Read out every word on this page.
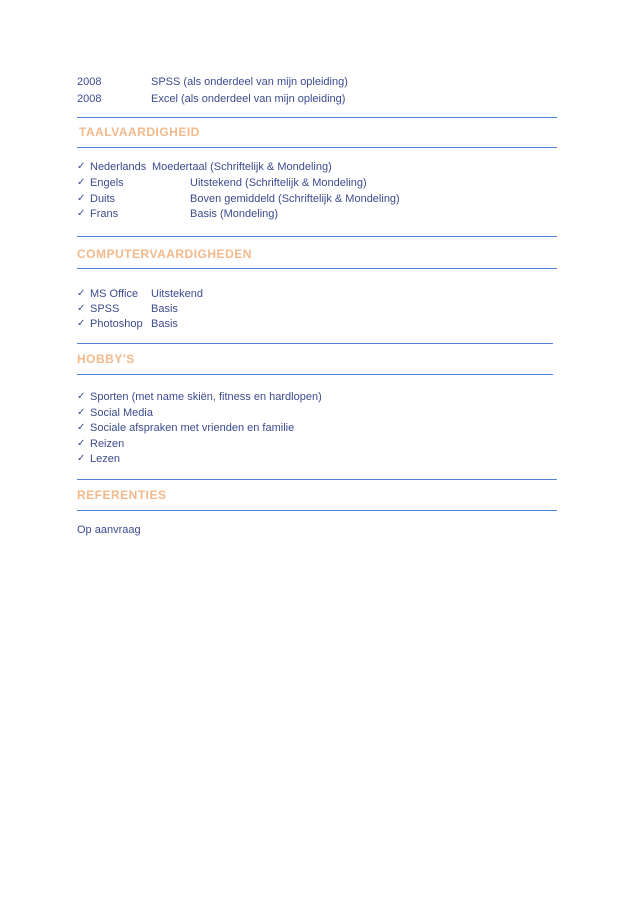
2008	SPSS (als onderdeel van mijn opleiding)
2008	Excel (als onderdeel van mijn opleiding)
TAALVAARDIGHEID
✓ Nederlands Moedertaal (Schriftelijk & Mondeling)
✓ Engels	Uitstekend (Schriftelijk & Mondeling)
✓ Duits	Boven gemiddeld (Schriftelijk & Mondeling)
✓ Frans	Basis (Mondeling)
COMPUTERVAARDIGHEDEN
✓ MS Office Uitstekend
✓ SPSS	Basis
✓ Photoshop Basis
HOBBY'S
✓ Sporten (met name skiën, fitness en hardlopen)
✓ Social Media
✓ Sociale afspraken met vrienden en familie
✓ Reizen
✓ Lezen
REFERENTIES
Op aanvraag
